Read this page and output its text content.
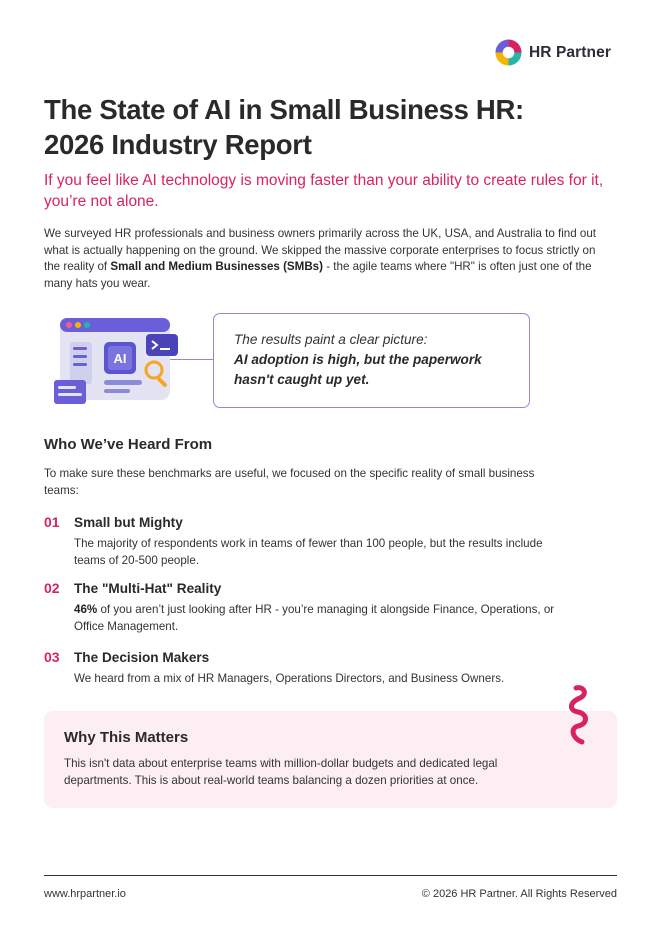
HR Partner
The State of AI in Small Business HR:
2026 Industry Report

If you feel like AI technology is moving faster than your ability to create rules for it, you’re not alone.

We surveyed HR professionals and business owners primarily across the UK, USA, and Australia to find out what is actually happening on the ground. We skipped the massive corporate enterprises to focus strictly on the reality of Small and Medium Businesses (SMBs) - the agile teams where "HR" is often just one of the many hats you wear.

AI

The results paint a clear picture:

AI adoption is high, but the paperwork hasn't caught up yet.

Who We’ve Heard From

To make sure these benchmarks are useful, we focused on the specific reality of small business teams:

01	Small but Mighty

The majority of respondents work in teams of fewer than 100 people, but the results include teams of 20-500 people.

02	The "Multi-Hat" Reality

46% of you aren’t just looking after HR - you’re managing it alongside Finance, Operations, or Office Management.

03	The Decision Makers

We heard from a mix of HR Managers, Operations Directors, and Business Owners.

Why This Matters

This isn't data about enterprise teams with million-dollar budgets and dedicated legal departments. This is about real-world teams balancing a dozen priorities at once.

www.hrpartner.io	© 2026 HR Partner. All Rights Reserved
